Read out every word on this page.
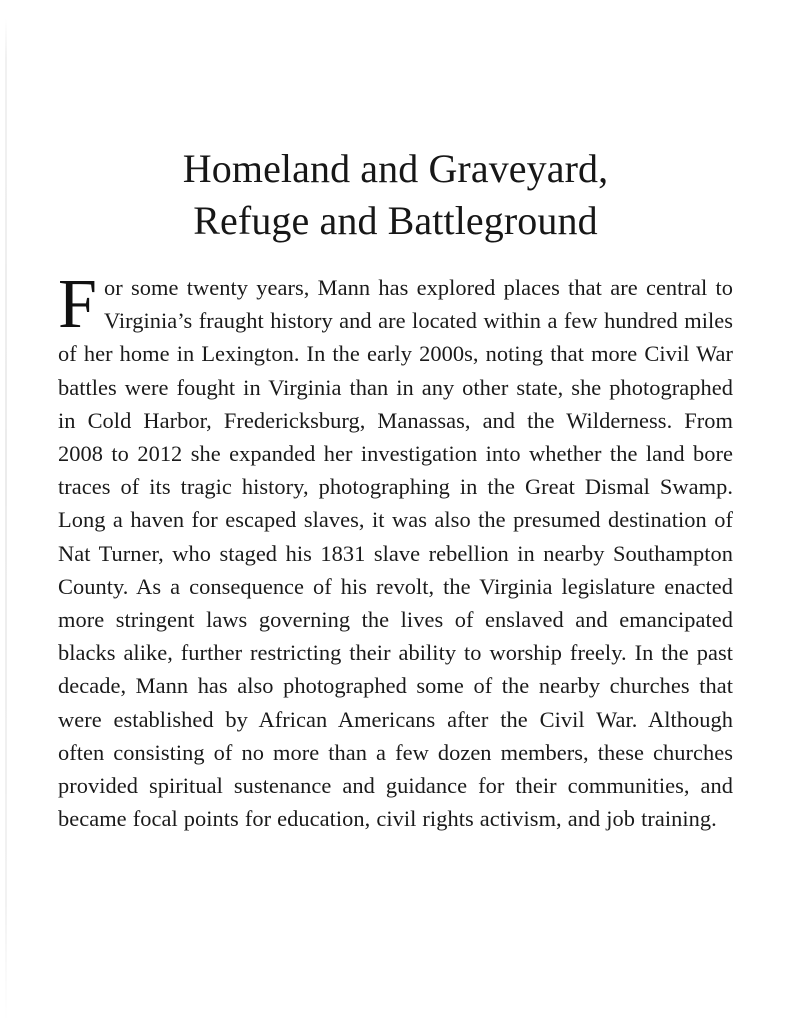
Homeland and Graveyard,
Refuge and Battleground

For some twenty years, Mann has explored places that are central to Virginia’s fraught history and are located within a few hundred miles of her home in Lexington. In the early 2000s, noting that more Civil War battles were fought in Virginia than in any other state, she photographed in Cold Harbor, Fredericksburg, Manassas, and the Wilderness. From 2008 to 2012 she expanded her investigation into whether the land bore traces of its tragic history, photographing in the Great Dismal Swamp. Long a haven for escaped slaves, it was also the presumed destination of Nat Turner, who staged his 1831 slave rebellion in nearby Southampton County. As a consequence of his revolt, the Virginia legislature enacted more stringent laws governing the lives of enslaved and emancipated blacks alike, further restricting their ability to worship freely. In the past decade, Mann has also photographed some of the nearby churches that were established by African Americans after the Civil War. Although often consisting of no more than a few dozen members, these churches provided spiritual sustenance and guidance for their communities, and became focal points for education, civil rights activism, and job training.
